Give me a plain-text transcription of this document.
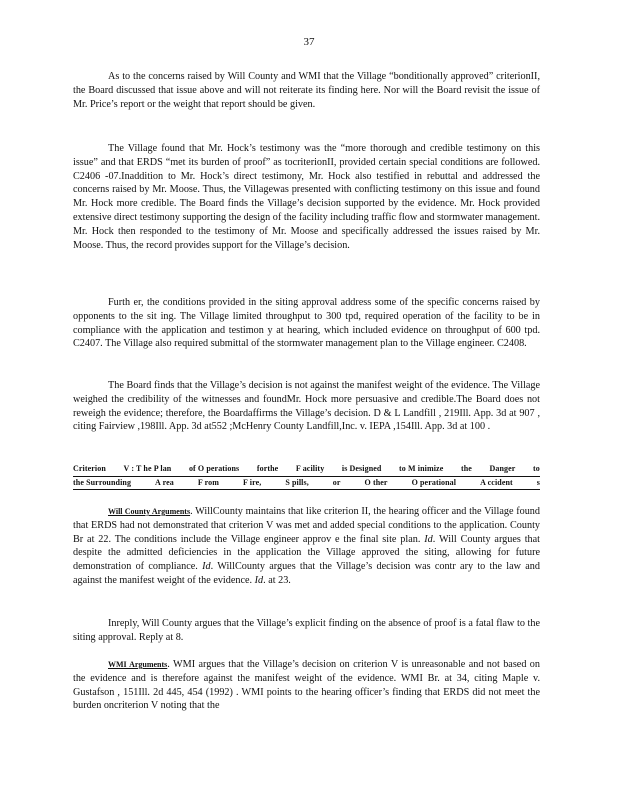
37

As to the concerns raised by Will County and WMI that the Village “bonditionally approved” criterionII, the Board discussed that issue above and will not reiterate its finding here. Nor will the Board revisit the issue of Mr. Price’s report or the weight that report should be given.

The Village found that Mr. Hock’s testimony was the “more thorough and credible testimony on this issue” and that ERDS “met its burden of proof” as tocriterionII, provided certain special conditions are followed. C2406 -07.Inaddition to Mr. Hock’s direct testimony, Mr. Hock also testified in rebuttal and addressed the concerns raised by Mr. Moose. Thus, the Villagewas presented with conflicting testimony on this issue and found Mr. Hock more credible. The Board finds the Village’s decision supported by the evidence. Mr. Hock provided extensive direct testimony supporting the design of the facility including traffic flow and stormwater management. Mr. Hock then responded to the testimony of Mr. Moose and specifically addressed the issues raised by Mr. Moose. Thus, the record provides support for the Village’s decision.

Furth er, the conditions provided in the siting approval address some of the specific concerns raised by opponents to the sit ing. The Village limited throughput to 300 tpd, required operation of the facility to be in compliance with the application and testimon y at hearing, which included evidence on throughput of 600 tpd. C2407. The Village also required submittal of the stormwater management plan to the Village engineer. C2408.

The Board finds that the Village’s decision is not against the manifest weight of the evidence. The Village weighed the credibility of the witnesses and foundMr. Hock more persuasive and credible.The Board does not reweigh the evidence; therefore, the Boardaffirms the Village’s decision. D & L Landfill , 219Ill. App. 3d at 907 , citing Fairview ,198Ill. App. 3d at552 ;McHenry County Landfill,Inc. v. IEPA ,154Ill. App. 3d at 100 .

Criterion V : T he P lan of O perations forthe F acility is Designed to M inimize the Danger to
the Surrounding	A rea	F rom	F ire,	S pills,	or	O ther	O perational	A ccident	s

Will County Arguments. WillCounty maintains that like criterion II, the hearing officer and the Village found that ERDS had not demonstrated that criterion V was met and added special conditions to the application. County Br at 22. The conditions include the Village engineer approv e the final site plan. Id. Will County argues that despite the admitted deficiencies in the application the Village approved the siting, allowing for future demonstration of compliance. Id. WillCounty argues that the Village’s decision was contr ary to the law and against the manifest weight of the evidence. Id. at 23.

Inreply, Will County argues that the Village’s explicit finding on the absence of proof is a fatal flaw to the siting approval. Reply at 8.

WMI Arguments. WMI argues that the Village’s decision on criterion V is unreasonable and not based on the evidence and is therefore against the manifest weight of the evidence. WMI Br. at 34, citing Maple v. Gustafson , 151Ill. 2d 445, 454 (1992) . WMI points to the hearing officer’s finding that ERDS did not meet the burden oncriterion V noting that the
